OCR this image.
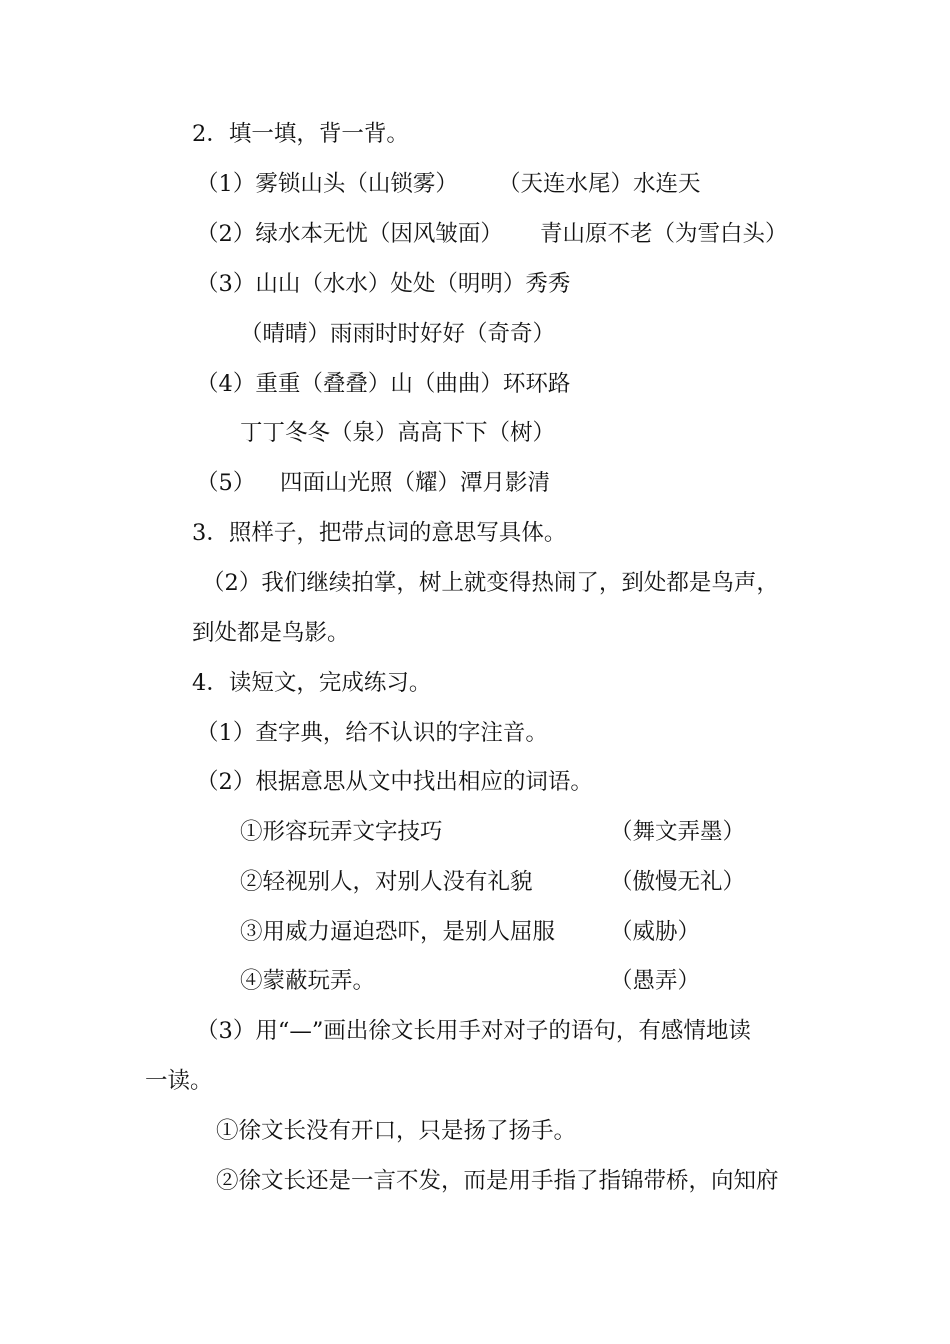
2．填一填，背一背。
（1）雾锁山头（山锁雾） （天连水尾）水连天
（2）绿水本无忧（因风皱面） 青山原不老（为雪白头）
（3）山山（水水）处处（明明）秀秀
（晴晴）雨雨时时好好（奇奇）
（4）重重（叠叠）山（曲曲）环环路
丁丁冬冬（泉）高高下下（树）
（5） 四面山光照（耀）潭月影清
3．照样子，把带点词的意思写具体。
（2）我们继续拍掌，树上就变得热闹了，到处都是鸟声，
到处都是鸟影。
4．读短文，完成练习。
（1）查字典，给不认识的字注音。
（2）根据意思从文中找出相应的词语。
①形容玩弄文字技巧	（舞文弄墨）
②轻视别人，对别人没有礼貌	（傲慢无礼）
③用威力逼迫恐吓，是别人屈服 （威胁）
④蒙蔽玩弄。	（愚弄）
（3）用“—”画出徐文长用手对对子的语句，有感情地读
一读。
①徐文长没有开口，只是扬了扬手。
②徐文长还是一言不发，而是用手指了指锦带桥，向知府
